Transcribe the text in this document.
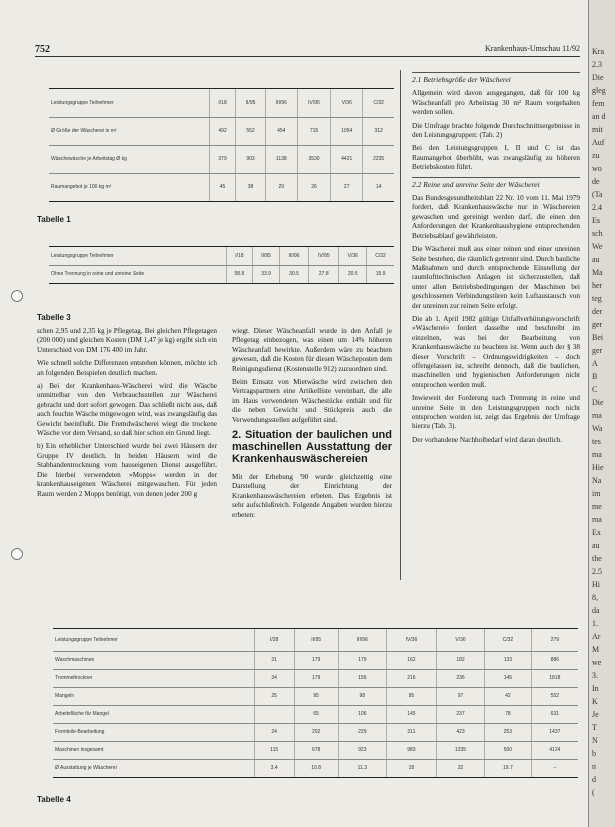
752	Krankenhaus-Umschau 11/92
Leistungsgruppe Teilnehmer	I/18	II/95	III/96	IV/95	V/36	C/32
Ø Größe der Wäscherei in m²	492	552	454	715	1054	312
Wäschewäsche je Arbeitstag Ø kg	379	903	1138	3530	4421	2235
Raumangebot je 100 kg m²	45	38	29	26	27	14
Tabelle 1
Leistungsgruppe Teilnehmer	I/18	II/95	III/96	IV/95	V/36	C/32
Ohne Trennung in reine und unreine Seite	58.8	33.9	30.5	27.8	20.5	15.9
Tabelle 3

schen 2,95 und 2,35 kg je Pflegetag. Bei gleichen Pflegetagen (200 000) und gleichen Kosten (DM 1,47 je kg) ergibt sich ein Unterschied von DM 176 400 im Jahr.

Wie schnell solche Differenzen entstehen können, möchte ich an folgenden Beispielen deutlich machen.

a) Bei der Krankenhaus-Wäscherei wird die Wäsche unmittelbar von den Verbrauchsstellen zur Wäscherei gebracht und dort sofort gewogen. Das schließt nicht aus, daß auch feuchte Wäsche mitgewogen wird, was zwangsläufig das Gewicht beeinflußt. Die Fremdwäscherei wiegt die trockene Wäsche vor dem Versand, so daß hier schon ein Grund liegt.

b) Ein erheblicher Unterschied wurde bei zwei Häusern der Gruppe IV deutlich. In beiden Häusern wird die Stabhandentrocknung vom hauseigenen Dienst ausgeführt. Die hierbei verwendeten »Mopps« werden in der krankenhauseigenen Wäscherei mitgewaschen. Für jeden Raum werden 2 Mopps benötigt, von denen jeder 200 g

wiegt. Dieser Wäscheanfall wurde in den Anfall je Pflegetag einbezogen, was einen um 14% höheren Wäscheanfall bewirkte. Außerdem wäre zu beachten gewesen, daß die Kosten für diesen Wäscheposten dem Reinigungsdienst (Kostenstelle 912) zuzuordnen sind.

Beim Einsatz von Mietwäsche wird zwischen den Vertragspartnern eine Artikelliste vereinbart, die alle im Haus verwendeten Wäschestücke enthält und für die neben Gewicht und Stückpreis auch die Verwendungsstellen aufgeführt sind.

2. Situation der baulichen und maschinellen Ausstattung der Krankenhauswäschereien

Mit der Erhebung '90 wurde gleichzeitig eine Darstellung der Einrichtung der Krankenhauswäschereien erbeten. Das Ergebnis ist sehr aufschlußreich. Folgende Angaben wurden hierzu erbeten:

2.1 Betriebsgröße der Wäscherei

Allgemein wird davon ausgegangen, daß für 100 kg Wäscheanfall pro Arbeitstag 30 m² Raum vorgehalten werden sollen.

Die Umfrage brachte folgende Durchschnittsergebnisse in den Leistungsgruppen: (Tab. 2)

Bei den Leistungsgruppen I, II und C ist das Raumangebot überhöht, was zwangsläufig zu höheren Betriebskosten führt.

2.2 Reine und unreine Seite der Wäscherei

Das Bundesgesundheitsblatt 22 Nr. 10 vom 11. Mai 1979 fordert, daß Krankenhauswäsche nur in Wäschereien gewaschen und gereinigt werden darf, die einen den Anforderungen der Krankenhaushygiene entsprechenden Betriebsablauf gewährleisten.

Die Wäscherei muß aus einer reinen und einer unreinen Seite bestehen, die räumlich getrennt sind. Durch bauliche Maßnahmen und durch entsprechende Einstellung der raumlufttechnischen Anlagen ist sicherzustellen, daß unter allen Betriebsbedingungen der Maschinen bei geschlossenen Verbindungstüren kein Luftaustausch von der unreinen zur reinen Seite erfolgt.

Die ab 1. April 1982 gültige Unfallverhütungsvorschrift »Wäscherei« fordert dasselbe und beschreibt im einzelnen, was bei der Bearbeitung von Krankenhauswäsche zu beachten ist. Wenn auch der § 38 dieser Vorschrift – Ordnungswidrigkeiten – doch offengelassen ist, schreibt dennoch, daß die baulichen, maschinellen und hygienischen Anforderungen nicht entsprochen werden muß.

Inwieweit der Forderung nach Trennung in reine und unreine Seite in den Leistungsgruppen noch nicht entsprochen worden ist, zeigt das Ergebnis der Umfrage hierzu (Tab. 3).

Der vorhandene Nachholbedarf wird daran deutlich.

Leistungsgruppe Teilnehmer	I/28	II/95	III/96	IV/36	V/36	C/32	279
Waschmaschinen	31	179	179	162	182	133	886
Trommeltrockner	34	179	156	216	236	145	1818
Mangeln	25	95	98	95	97	42	552
Arbeitsfläche für Mangel		65	106	145	237	78	631
Formteile-Bearbeitung	24	202	229	311	423	253	1437
Maschinen insgesamt	115	678	923	983	1335	500	4124
Ø Ausstattung je Wäscherei	3.4	10.8	11.3	18	32	19.7	–
Tabelle 4
Kra
2.3
Die
gleg
fem
an d
mit
Auf
zu
wo
de
(Ta
2.4
Es
sch
We
au
Ma
her
teg
der
ger
Bei
ger
A
B
C
Die
ma
Wa
tes
ma
Hie
Na
im
me
ma
Ex
au
the
2.5
Hi
8,
da
1.
Ar
M
we
3.
In
K
Je
T
N
b
n
d
(
